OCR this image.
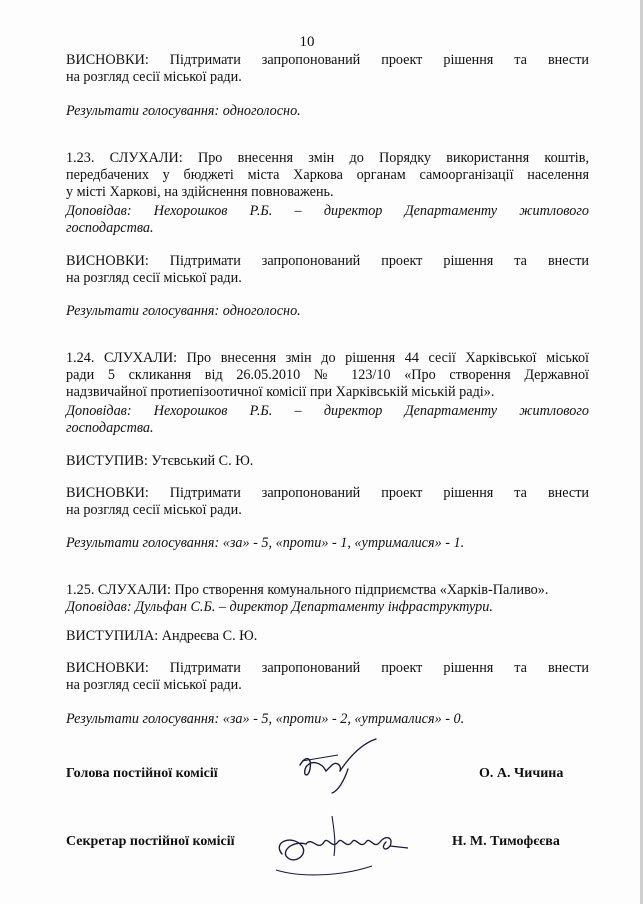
10
ВИСНОВКИ: Підтримати запропонований проект рішення та внести
на розгляд сесії міської ради.
Результати голосування: одноголосно.
1.23. СЛУХАЛИ: Про внесення змін до Порядку використання коштів,
передбачених у бюджеті міста Харкова органам самоорганізації населення
у місті Харкові, на здійснення повноважень.
Доповідав: Нехорошков Р.Б. – директор Департаменту житлового
господарства.
ВИСНОВКИ: Підтримати запропонований проект рішення та внести
на розгляд сесії міської ради.
Результати голосування: одноголосно.
1.24. СЛУХАЛИ: Про внесення змін до рішення 44 сесії Харківської міської
ради 5 скликання від 26.05.2010 № 123/10 «Про створення Державної
надзвичайної протиепізоотичної комісії при Харківській міській раді».
Доповідав: Нехорошков Р.Б. – директор Департаменту житлового
господарства.
ВИСТУПИВ: Утєвський С. Ю.
ВИСНОВКИ: Підтримати запропонований проект рішення та внести
на розгляд сесії міської ради.
Результати голосування: «за» - 5, «проти» - 1, «утрималися» - 1.
1.25. СЛУХАЛИ: Про створення комунального підприємства «Харків-Паливо».
Доповідав: Дульфан С.Б. – директор Департаменту інфраструктури.
ВИСТУПИЛА: Андреєва С. Ю.
ВИСНОВКИ: Підтримати запропонований проект рішення та внести
на розгляд сесії міської ради.
Результати голосування: «за» - 5, «проти» - 2, «утрималися» - 0.
Голова постійної комісії	О. А. Чичина
Секретар постійної комісії	Н. М. Тимофєєва
